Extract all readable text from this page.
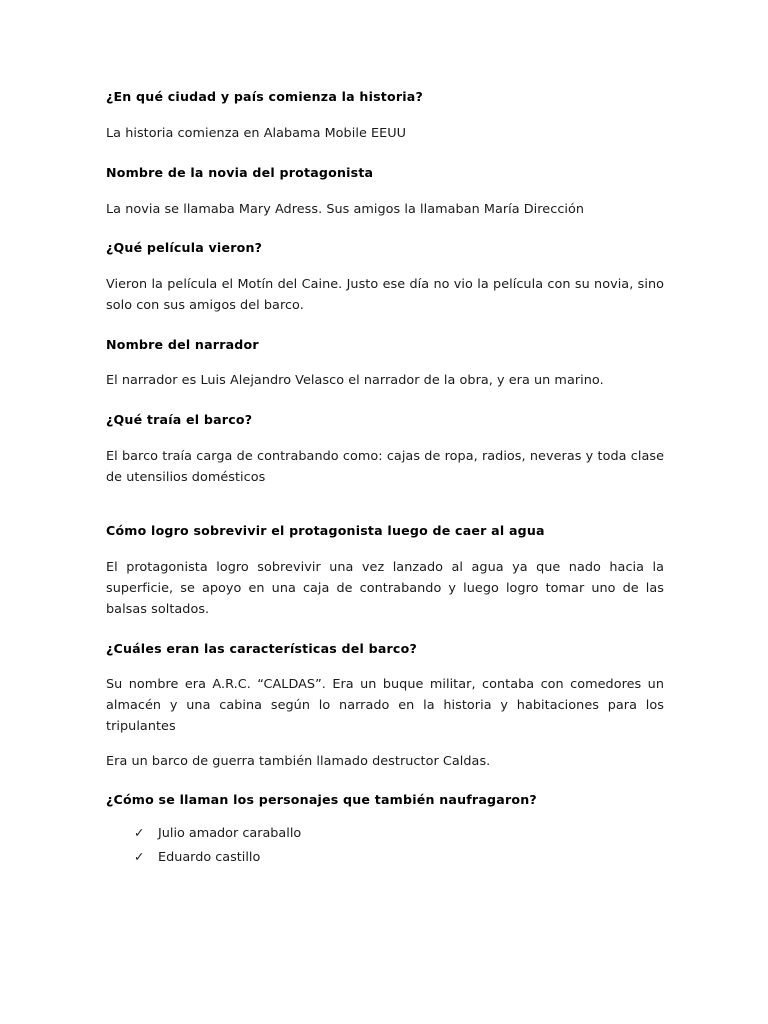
¿En qué ciudad y país comienza la historia?

La historia comienza en Alabama Mobile EEUU

Nombre de la novia del protagonista

La novia se llamaba Mary Adress. Sus amigos la llamaban María Dirección

¿Qué película vieron?

Vieron la película el Motín del Caine. Justo ese día no vio la película con su novia, sino solo con sus amigos del barco.

Nombre del narrador

El narrador es Luis Alejandro Velasco el narrador de la obra, y era un marino.

¿Qué traía el barco?

El barco traía carga de contrabando como: cajas de ropa, radios, neveras y toda clase de utensilios domésticos

Cómo logro sobrevivir el protagonista luego de caer al agua

El protagonista logro sobrevivir una vez lanzado al agua ya que nado hacia la superficie, se apoyo en una caja de contrabando y luego logro tomar uno de las balsas soltados.

¿Cuáles eran las características del barco?

Su nombre era A.R.C. “CALDAS”. Era un buque militar, contaba con comedores un almacén y una cabina según lo narrado en la historia y habitaciones para los tripulantes

Era un barco de guerra también llamado destructor Caldas.

¿Cómo se llaman los personajes que también naufragaron?
✓ Julio amador caraballo
✓ Eduardo castillo
